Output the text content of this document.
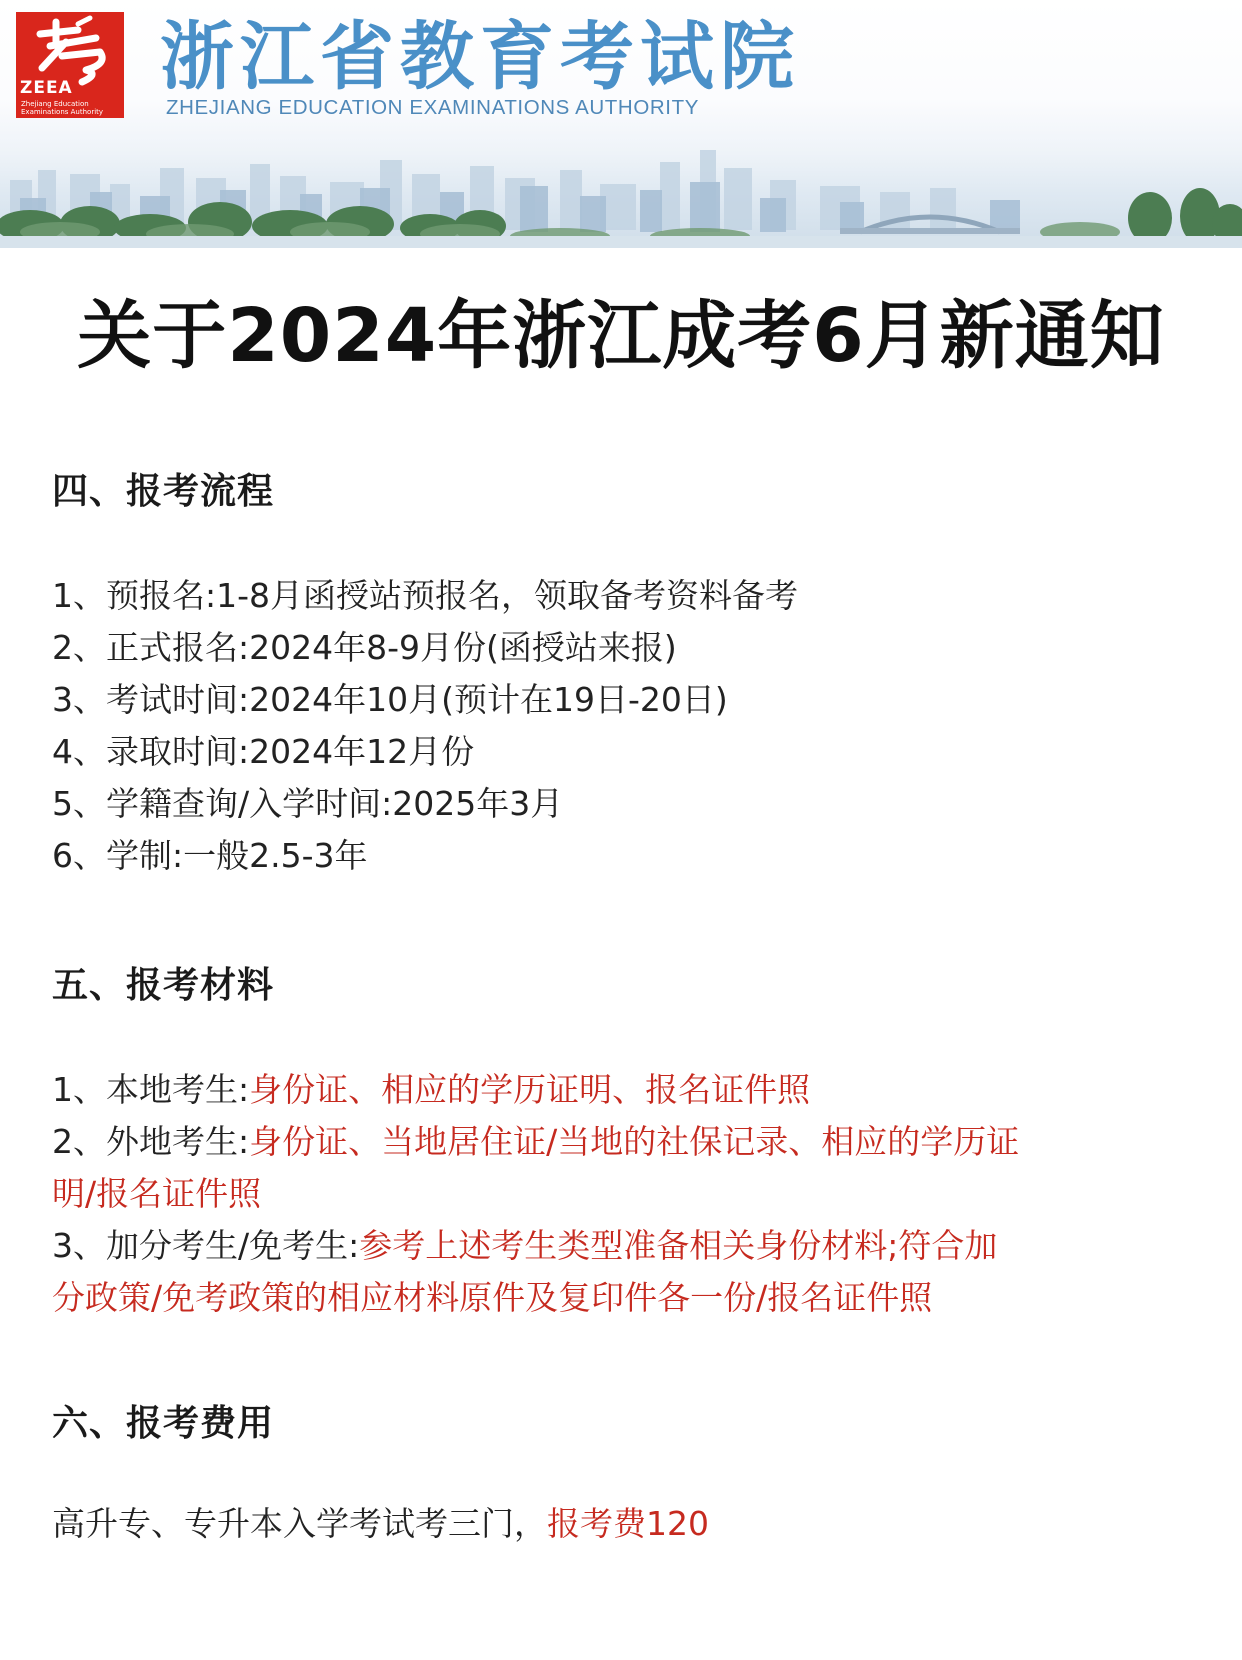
ZEEA
Zhejiang Education
Examinations Authority
浙江省教育考试院
ZHEJIANG EDUCATION EXAMINATIONS AUTHORITY
关于2024年浙江成考6月新通知
四、报考流程
1、预报名:1-8月函授站预报名，领取备考资料备考
2、正式报名:2024年8-9月份(函授站来报)
3、考试时间:2024年10月(预计在19日-20日)
4、录取时间:2024年12月份
5、学籍查询/入学时间:2025年3月
6、学制:一般2.5-3年
五、报考材料
1、本地考生:身份证、相应的学历证明、报名证件照
2、外地考生:身份证、当地居住证/当地的社保记录、相应的学历证
明/报名证件照
3、加分考生/免考生:参考上述考生类型准备相关身份材料;符合加
分政策/免考政策的相应材料原件及复印件各一份/报名证件照
六、报考费用
高升专、专升本入学考试考三门，报考费120
